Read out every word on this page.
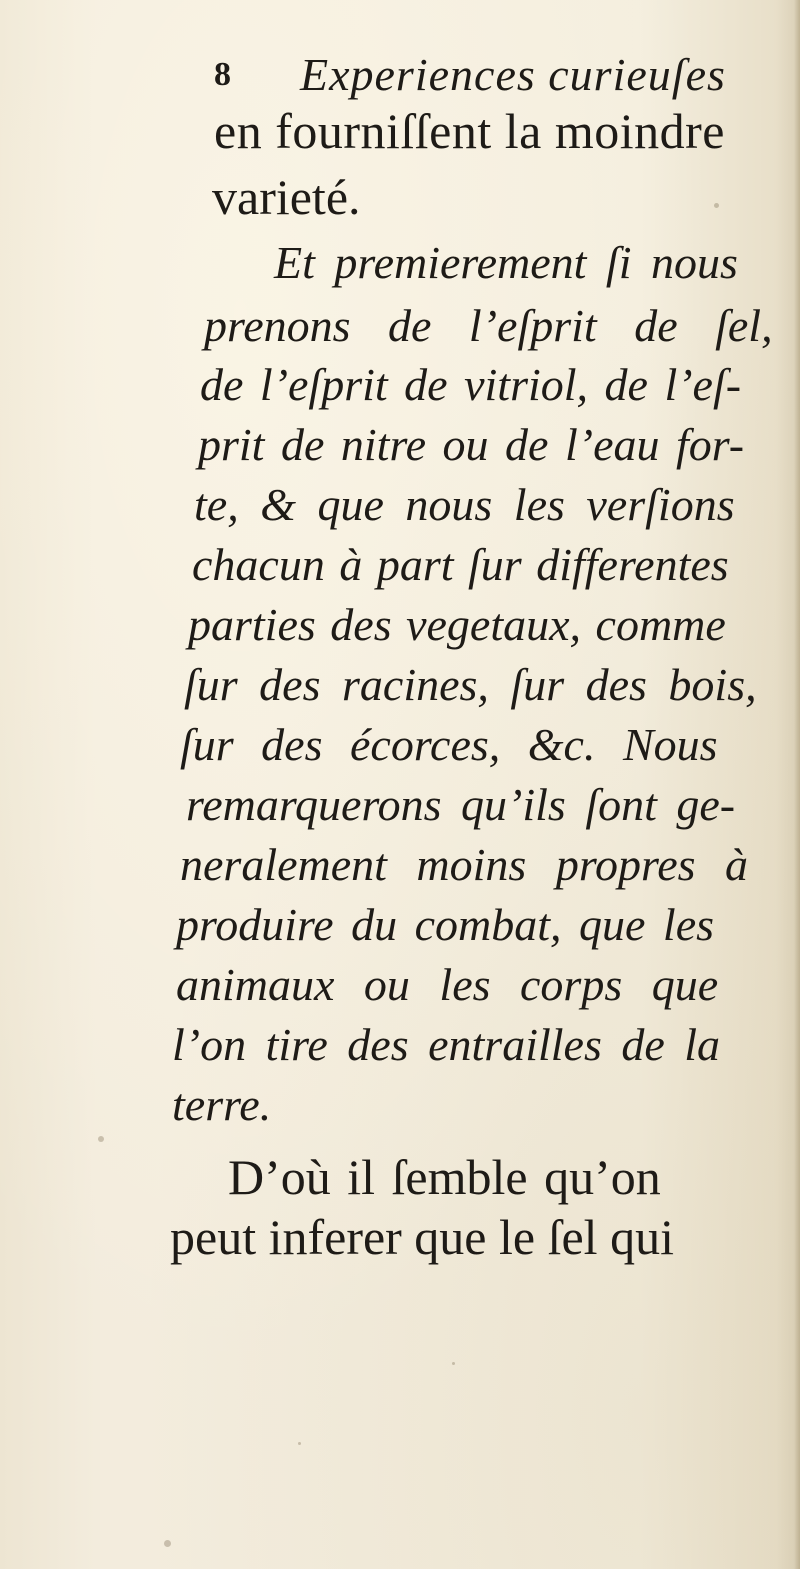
8 Experiences curieuſes
en fourniſſent la moindre
varieté.
Et premierement ſi nous
prenons de l’eſprit de ſel,
de l’eſprit de vitriol, de l’eſ-
prit de nitre ou de l’eau for-
te, & que nous les verſions
chacun à part ſur differentes
parties des vegetaux, comme
ſur des racines, ſur des bois,
ſur des écorces, &c. Nous
remarquerons qu’ils ſont ge-
neralement moins propres à
produire du combat, que les
animaux ou les corps que
l’on tire des entrailles de la
terre.
D’où il ſemble qu’on
peut inferer que le ſel qui
